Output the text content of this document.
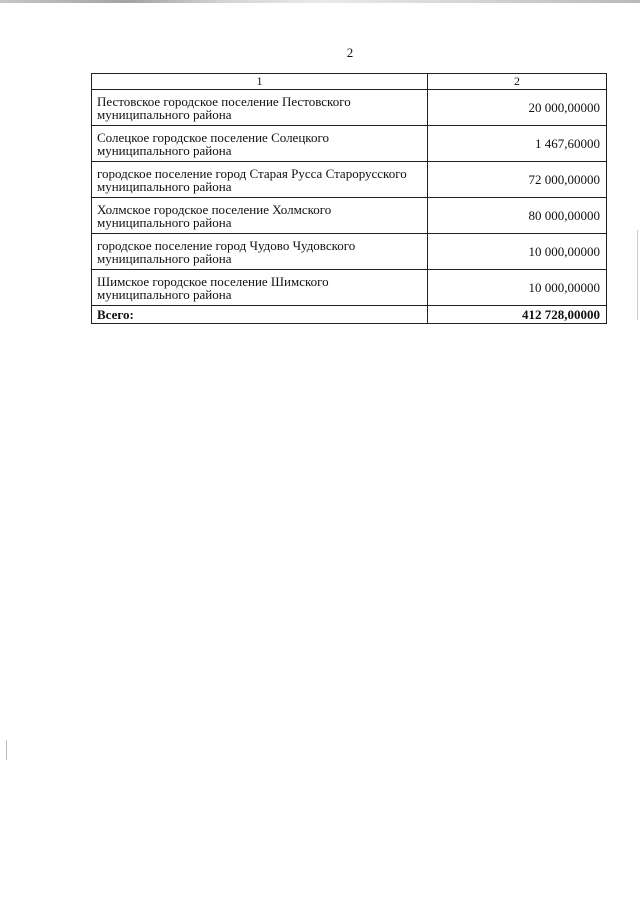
2
1	2
Пестовское городское поселение Пестовского муниципального района	20 000,00000
Солецкое городское поселение Солецкого муниципального района	1 467,60000
городское поселение город Старая Русса Старорусского муниципального района	72 000,00000
Холмское городское поселение Холмского муниципального района	80 000,00000
городское поселение город Чудово Чудовского муниципального района	10 000,00000
Шимское городское поселение Шимского муниципального района	10 000,00000
Всего:	412 728,00000
